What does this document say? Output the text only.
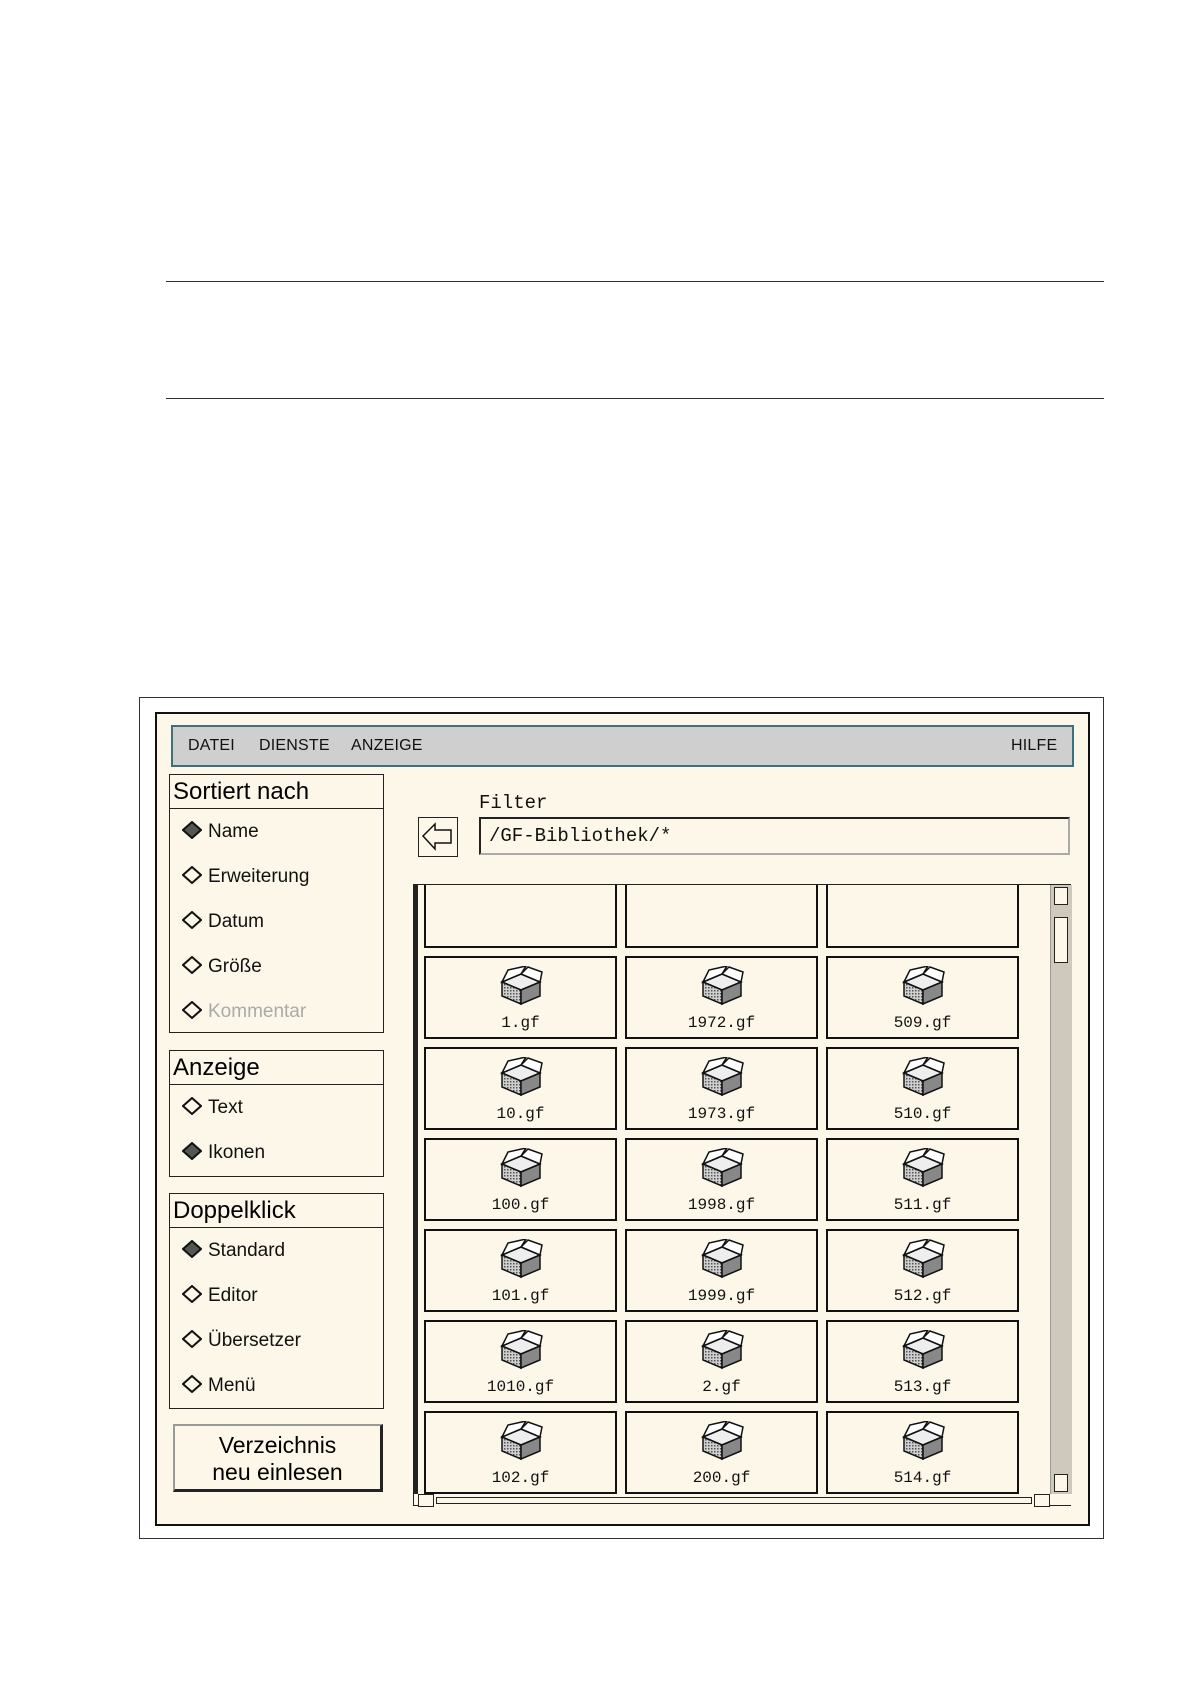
DATEI DIENSTE ANZEIGE	HILFE
Sortiert nach
Name
Erweiterung
Datum
Größe
Kommentar
Anzeige
Text
Ikonen
Doppelklick
Standard
Editor
Übersetzer
Menü
Verzeichnis
neu einlesen
Filter
/GF-Bibliothek/*
1.gf	1972.gf	509.gf
10.gf	1973.gf	510.gf
100.gf	1998.gf	511.gf
101.gf	1999.gf	512.gf
1010.gf	2.gf	513.gf
102.gf	200.gf	514.gf
